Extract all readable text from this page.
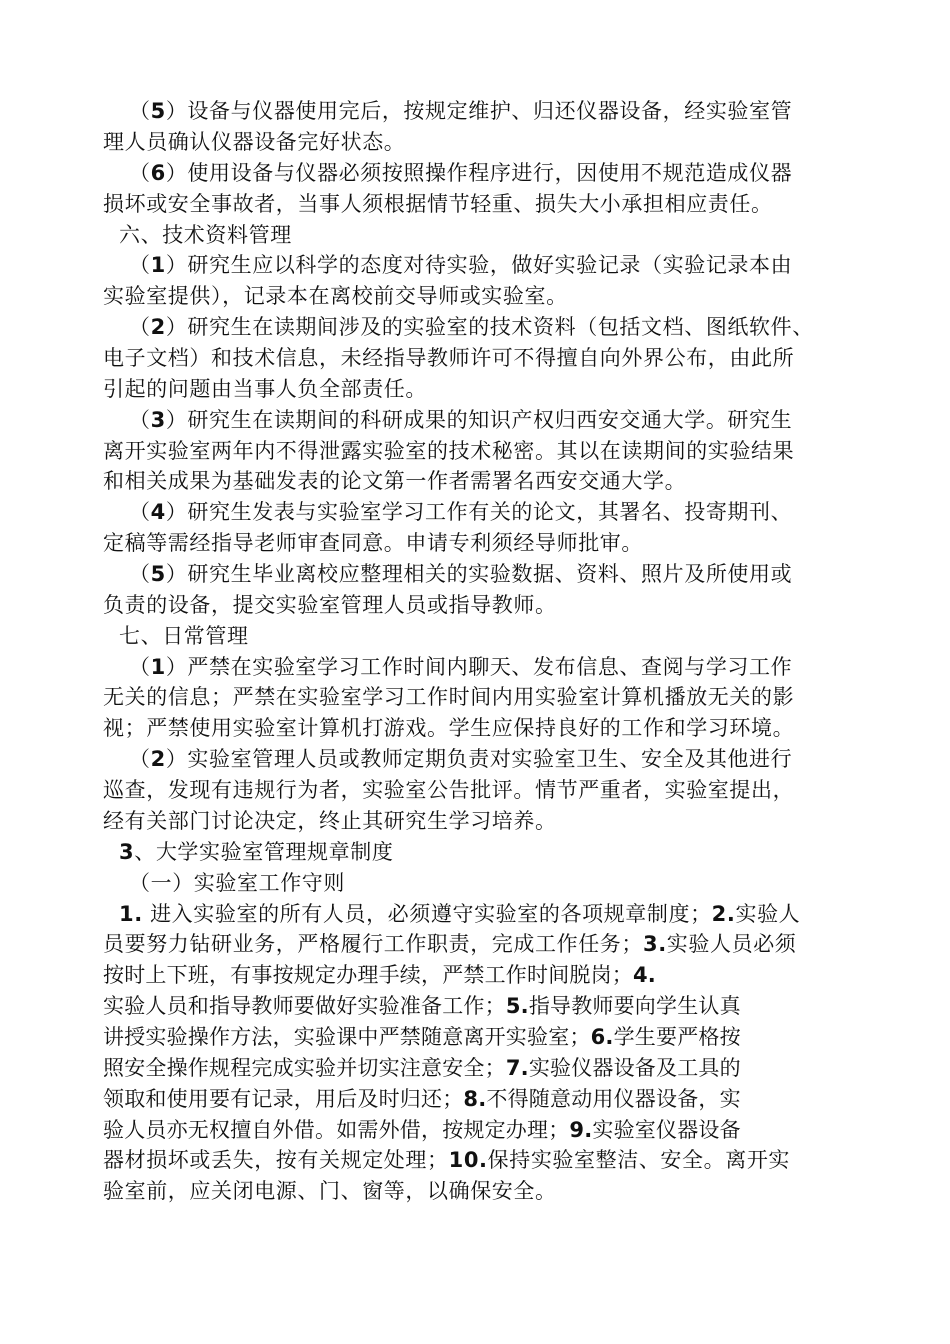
（5）设备与仪器使用完后，按规定维护、归还仪器设备，经实验室管
理人员确认仪器设备完好状态。
（6）使用设备与仪器必须按照操作程序进行，因使用不规范造成仪器
损坏或安全事故者，当事人须根据情节轻重、损失大小承担相应责任。
六、技术资料管理
（1）研究生应以科学的态度对待实验，做好实验记录（实验记录本由
实验室提供），记录本在离校前交导师或实验室。
（2）研究生在读期间涉及的实验室的技术资料（包括文档、图纸软件、
电子文档）和技术信息，未经指导教师许可不得擅自向外界公布，由此所
引起的问题由当事人负全部责任。
（3）研究生在读期间的科研成果的知识产权归西安交通大学。研究生
离开实验室两年内不得泄露实验室的技术秘密。其以在读期间的实验结果
和相关成果为基础发表的论文第一作者需署名西安交通大学。
（4）研究生发表与实验室学习工作有关的论文，其署名、投寄期刊、
定稿等需经指导老师审查同意。申请专利须经导师批审。
（5）研究生毕业离校应整理相关的实验数据、资料、照片及所使用或
负责的设备，提交实验室管理人员或指导教师。
七、日常管理
（1）严禁在实验室学习工作时间内聊天、发布信息、查阅与学习工作
无关的信息；严禁在实验室学习工作时间内用实验室计算机播放无关的影
视；严禁使用实验室计算机打游戏。学生应保持良好的工作和学习环境。
（2）实验室管理人员或教师定期负责对实验室卫生、安全及其他进行
巡查，发现有违规行为者，实验室公告批评。情节严重者，实验室提出，
经有关部门讨论决定，终止其研究生学习培养。
3、大学实验室管理规章制度
（一）实验室工作守则
1. 进入实验室的所有人员，必须遵守实验室的各项规章制度；2.实验人
员要努力钻研业务，严格履行工作职责，完成工作任务；3.实验人员必须
按时上下班，有事按规定办理手续，严禁工作时间脱岗；4.
实验人员和指导教师要做好实验准备工作；5.指导教师要向学生认真
讲授实验操作方法，实验课中严禁随意离开实验室；6.学生要严格按
照安全操作规程完成实验并切实注意安全；7.实验仪器设备及工具的
领取和使用要有记录，用后及时归还；8.不得随意动用仪器设备，实
验人员亦无权擅自外借。如需外借，按规定办理；9.实验室仪器设备
器材损坏或丢失，按有关规定处理；10.保持实验室整洁、安全。离开实
验室前，应关闭电源、门、窗等，以确保安全。
